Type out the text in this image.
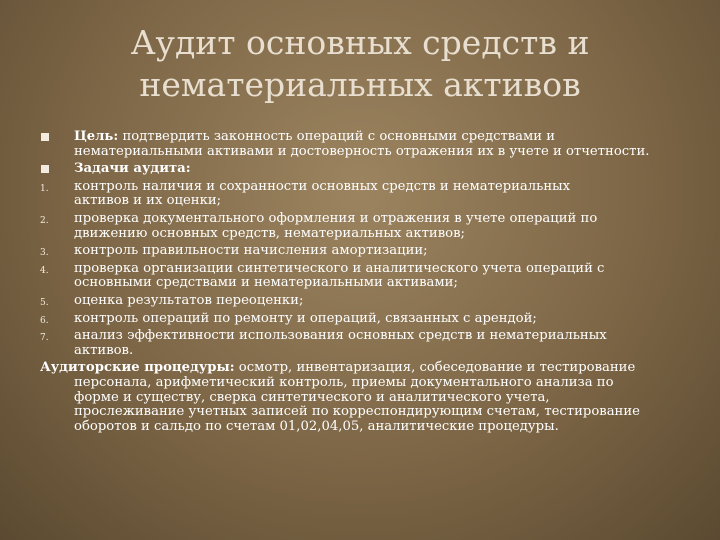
Аудит основных средств и
нематериальных активов
Цель: подтвердить законность операций с основными средствами и
нематериальными активами и достоверность отражения их в учете и отчетности.
Задачи аудита:
1. контроль наличия и сохранности основных средств и нематериальных
активов и их оценки;
2. проверка документального оформления и отражения в учете операций по
движению основных средств, нематериальных активов;
3. контроль правильности начисления амортизации;
4. проверка организации синтетического и аналитического учета операций с
основными средствами и нематериальными активами;
5. оценка результатов переоценки;
6. контроль операций по ремонту и операций, связанных с арендой;
7. анализ эффективности использования основных средств и нематериальных
активов.
Аудиторские процедуры: осмотр, инвентаризация, собеседование и тестирование
персонала, арифметический контроль, приемы документального анализа по
форме и существу, сверка синтетического и аналитического учета,
прослеживание учетных записей по корреспондирующим счетам, тестирование
оборотов и сальдо по счетам 01,02,04,05, аналитические процедуры.
